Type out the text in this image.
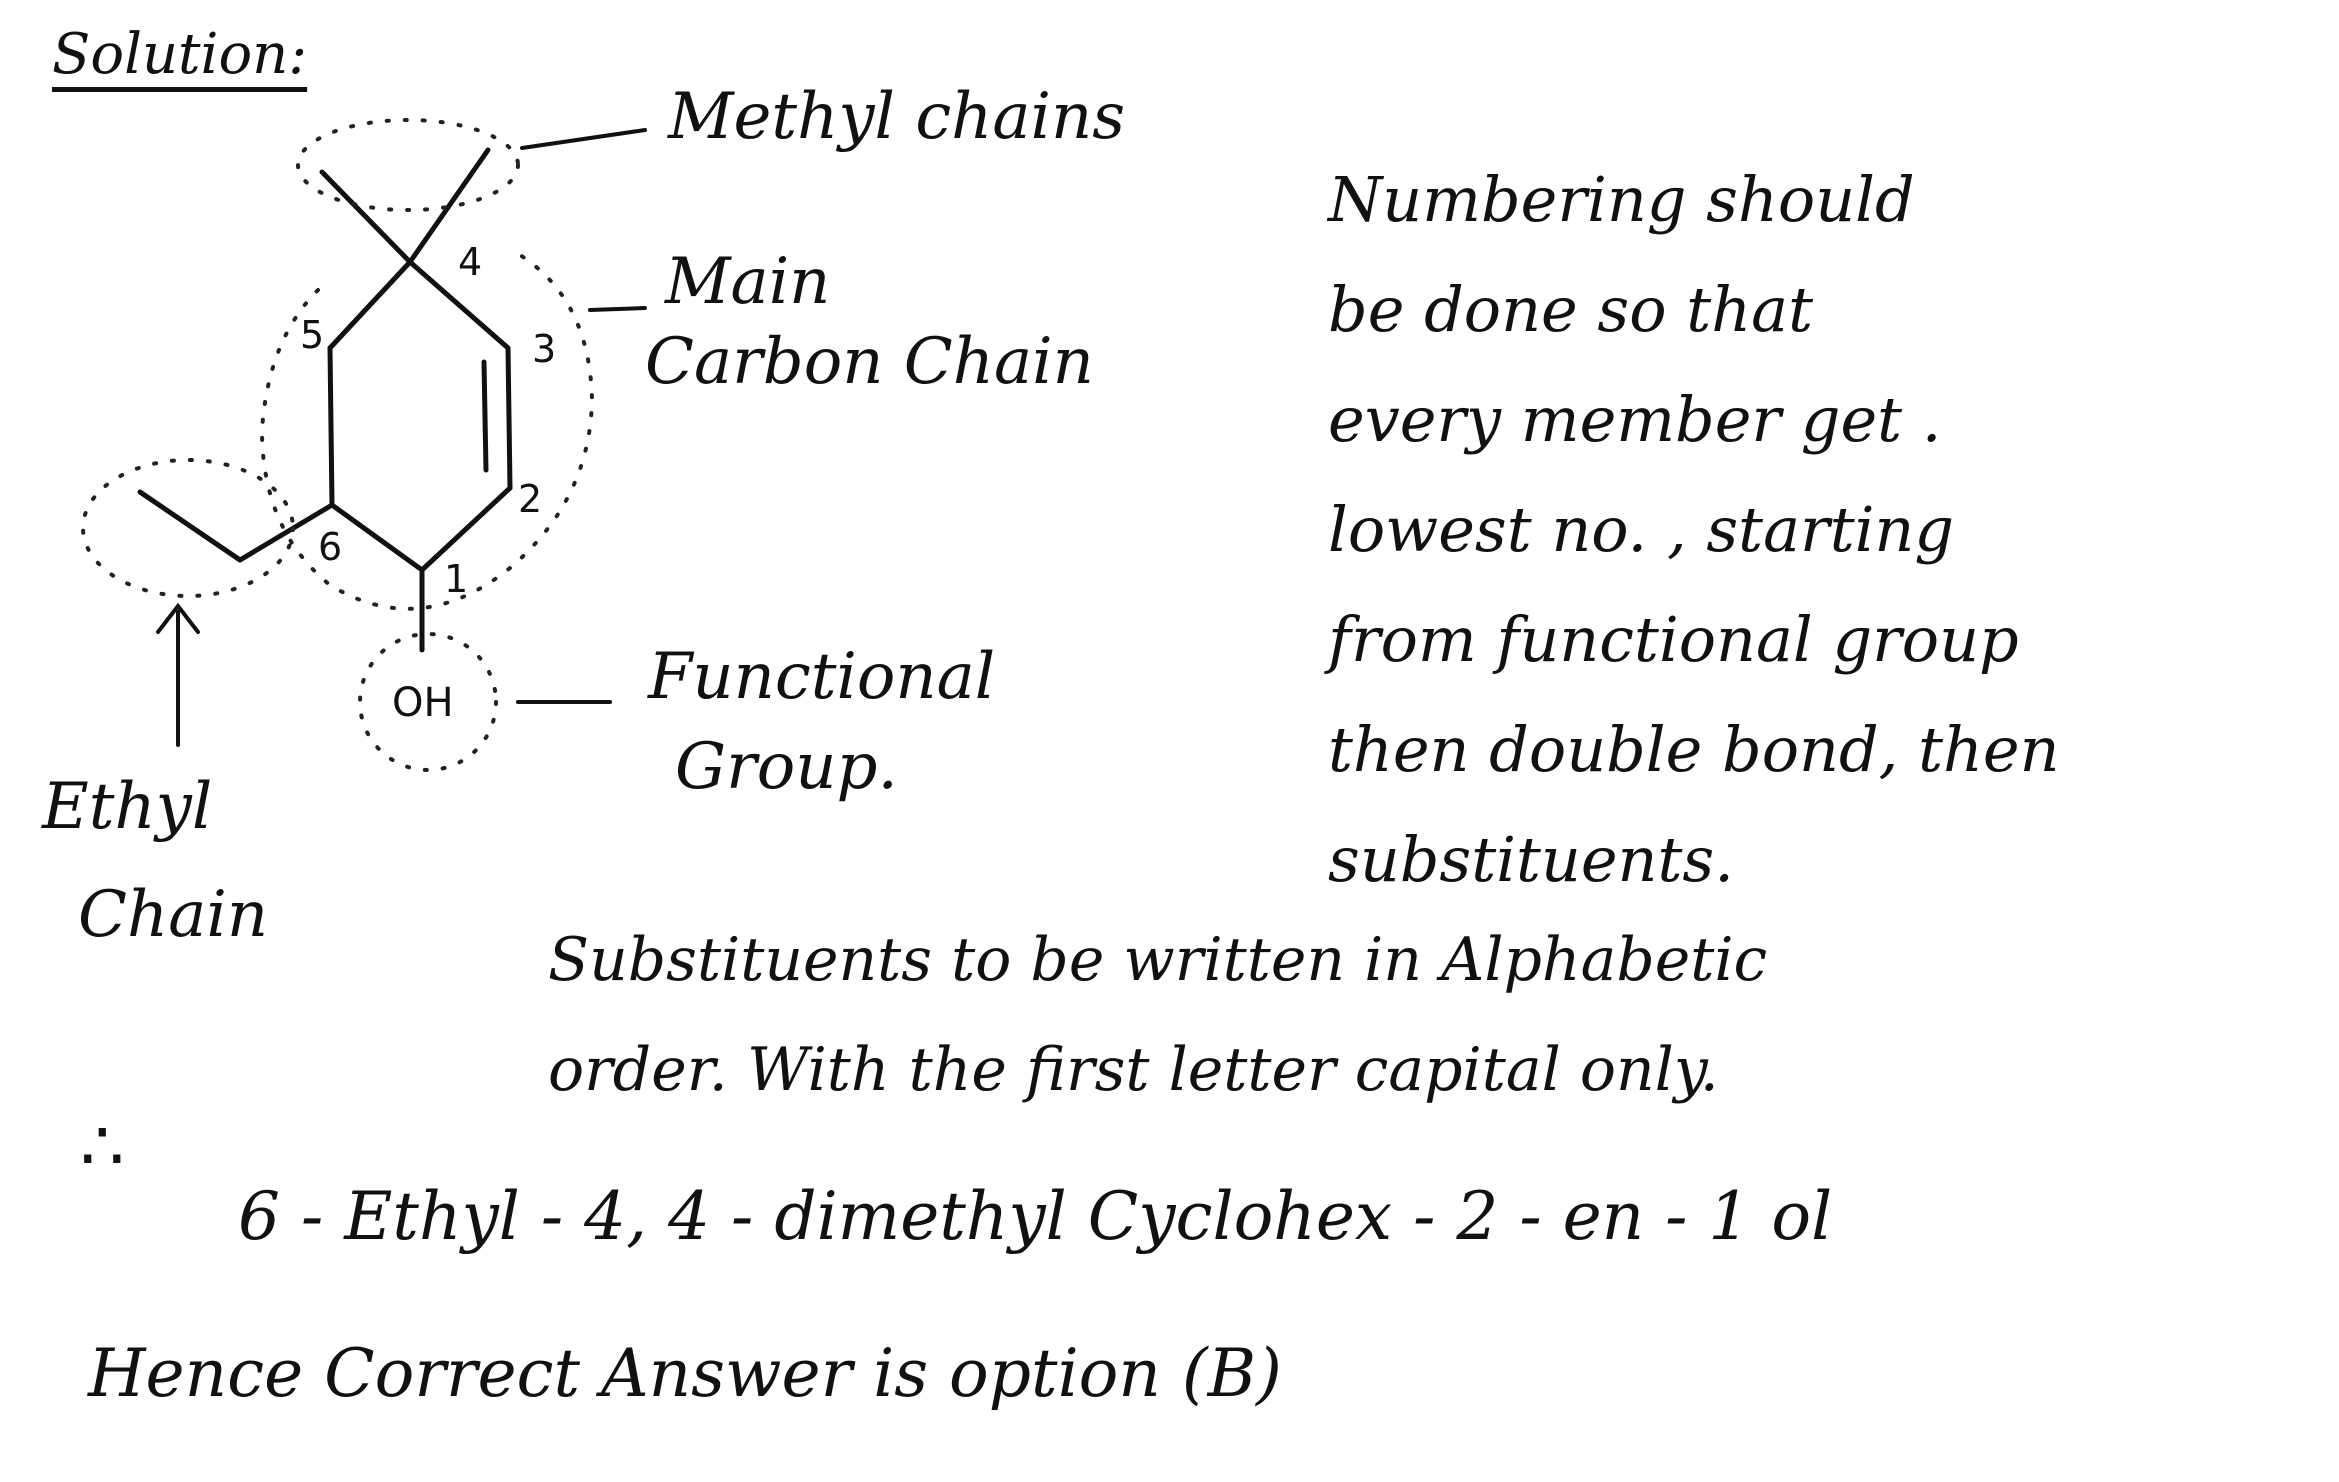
Solution:
4
5	3
2
6
1
OH
Methyl chains
Main
Carbon Chain
Functional
Group.
Ethyl
Chain
Numbering should
be done so that
every member get .
lowest no. , starting
from functional group
then double bond, then
substituents.
Substituents to be written in Alphabetic
order. With the first letter capital only.
∴
6 - Ethyl - 4, 4 - dimethyl Cyclohex - 2 - en - 1 ol
Hence Correct Answer is option (B)
